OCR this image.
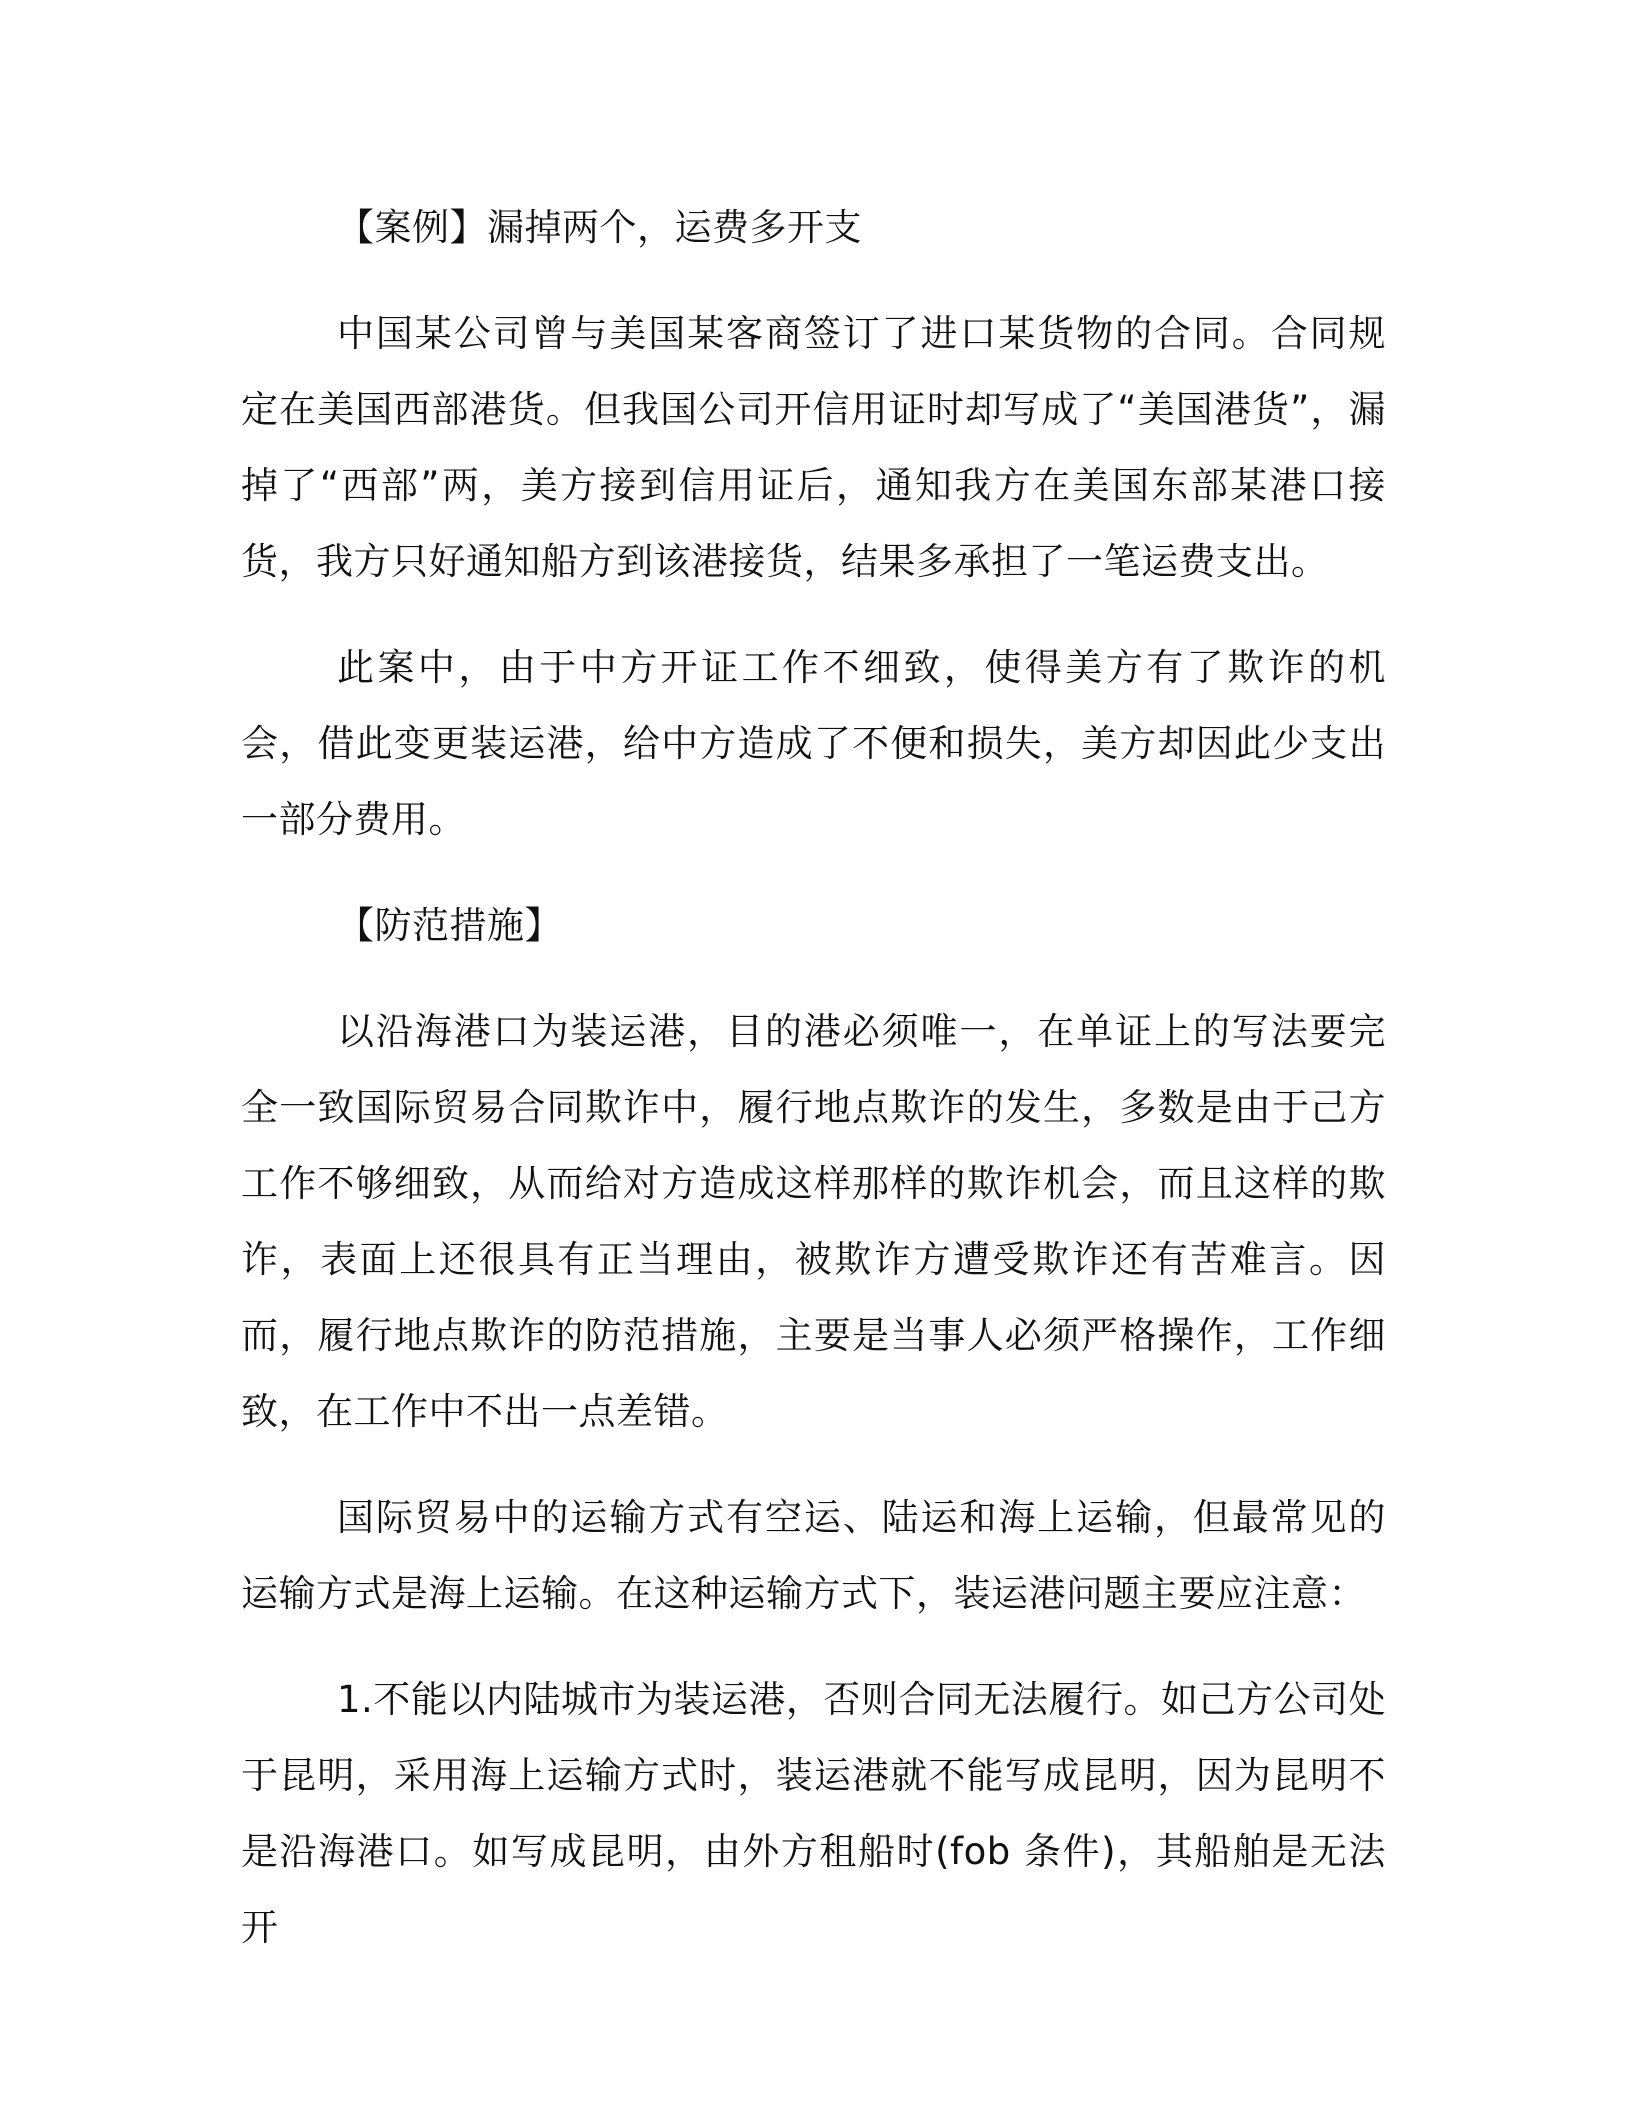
【案例】漏掉两个，运费多开支

中国某公司曾与美国某客商签订了进口某货物的合同。合同规定在美国西部港货。但我国公司开信用证时却写成了“美国港货”，漏掉了“西部”两，美方接到信用证后，通知我方在美国东部某港口接货，我方只好通知船方到该港接货，结果多承担了一笔运费支出。

此案中，由于中方开证工作不细致，使得美方有了欺诈的机会，借此变更装运港，给中方造成了不便和损失，美方却因此少支出一部分费用。

【防范措施】

以沿海港口为装运港，目的港必须唯一，在单证上的写法要完全一致国际贸易合同欺诈中，履行地点欺诈的发生，多数是由于己方工作不够细致，从而给对方造成这样那样的欺诈机会，而且这样的欺诈，表面上还很具有正当理由，被欺诈方遭受欺诈还有苦难言。因而，履行地点欺诈的防范措施，主要是当事人必须严格操作，工作细致，在工作中不出一点差错。

国际贸易中的运输方式有空运、陆运和海上运输，但最常见的运输方式是海上运输。在这种运输方式下，装运港问题主要应注意：

1.不能以内陆城市为装运港，否则合同无法履行。如己方公司处于昆明，采用海上运输方式时，装运港就不能写成昆明，因为昆明不是沿海港口。如写成昆明，由外方租船时(fob 条件)，其船舶是无法开
